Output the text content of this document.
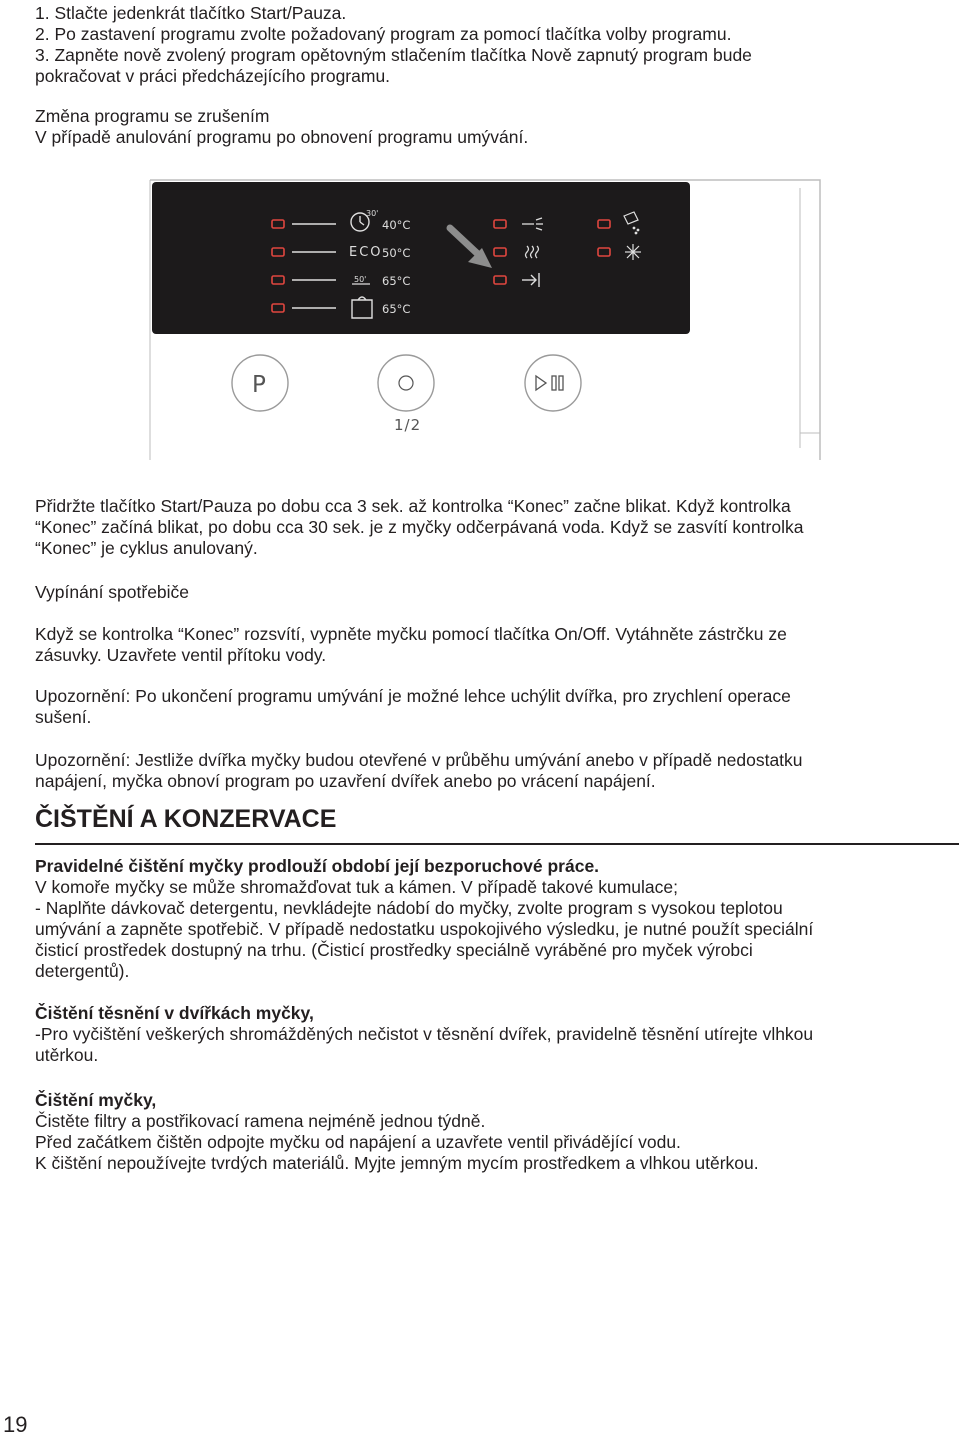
1. Stlačte jedenkrát tlačítko Start/Pauza.
2. Po zastavení programu zvolte požadovaný program za pomocí tlačítka volby programu.
3. Zapněte nově zvolený program opětovným stlačením tlačítka Nově zapnutý program bude
pokračovat v práci předcházejícího programu.
Změna programu se zrušením
V případě anulování programu po obnovení programu umývání.
30'
ECO
50'
40°C
50°C
65°C
65°C
P
1/2
Přidržte tlačítko Start/Pauza po dobu cca 3 sek. až kontrolka “Konec” začne blikat. Když kontrolka
“Konec” začíná blikat, po dobu cca 30 sek. je z myčky odčerpávaná voda. Když se zasvítí kontrolka
“Konec” je cyklus anulovaný.
Vypínání spotřebiče
Když se kontrolka “Konec” rozsvítí, vypněte myčku pomocí tlačítka On/Off. Vytáhněte zástrčku ze
zásuvky. Uzavřete ventil přítoku vody.
Upozornění: Po ukončení programu umývání je možné lehce uchýlit dvířka, pro zrychlení operace
sušení.
Upozornění: Jestliže dvířka myčky budou otevřené v průběhu umývání anebo v případě nedostatku
napájení, myčka obnoví program po uzavření dvířek anebo po vrácení napájení.
ČIŠTĚNÍ A KONZERVACE
Pravidelné čištění myčky prodlouží období její bezporuchové práce.
V komoře myčky se může shromažďovat tuk a kámen. V případě takové kumulace;
- Naplňte dávkovač detergentu, nevkládejte nádobí do myčky, zvolte program s vysokou teplotou
umývání a zapněte spotřebič. V případě nedostatku uspokojivého výsledku, je nutné použít speciální
čisticí prostředek dostupný na trhu. (Čisticí prostředky speciálně vyráběné pro myček výrobci
detergentů).
Čištění těsnění v dvířkách myčky,
-Pro vyčištění veškerých shromážděných nečistot v těsnění dvířek, pravidelně těsnění utírejte vlhkou
utěrkou.
Čištění myčky,
Čistěte filtry a postřikovací ramena nejméně jednou týdně.
Před začátkem čištěn odpojte myčku od napájení a uzavřete ventil přivádějící vodu.
K čištění nepoužívejte tvrdých materiálů. Myjte jemným mycím prostředkem a vlhkou utěrkou.
19
